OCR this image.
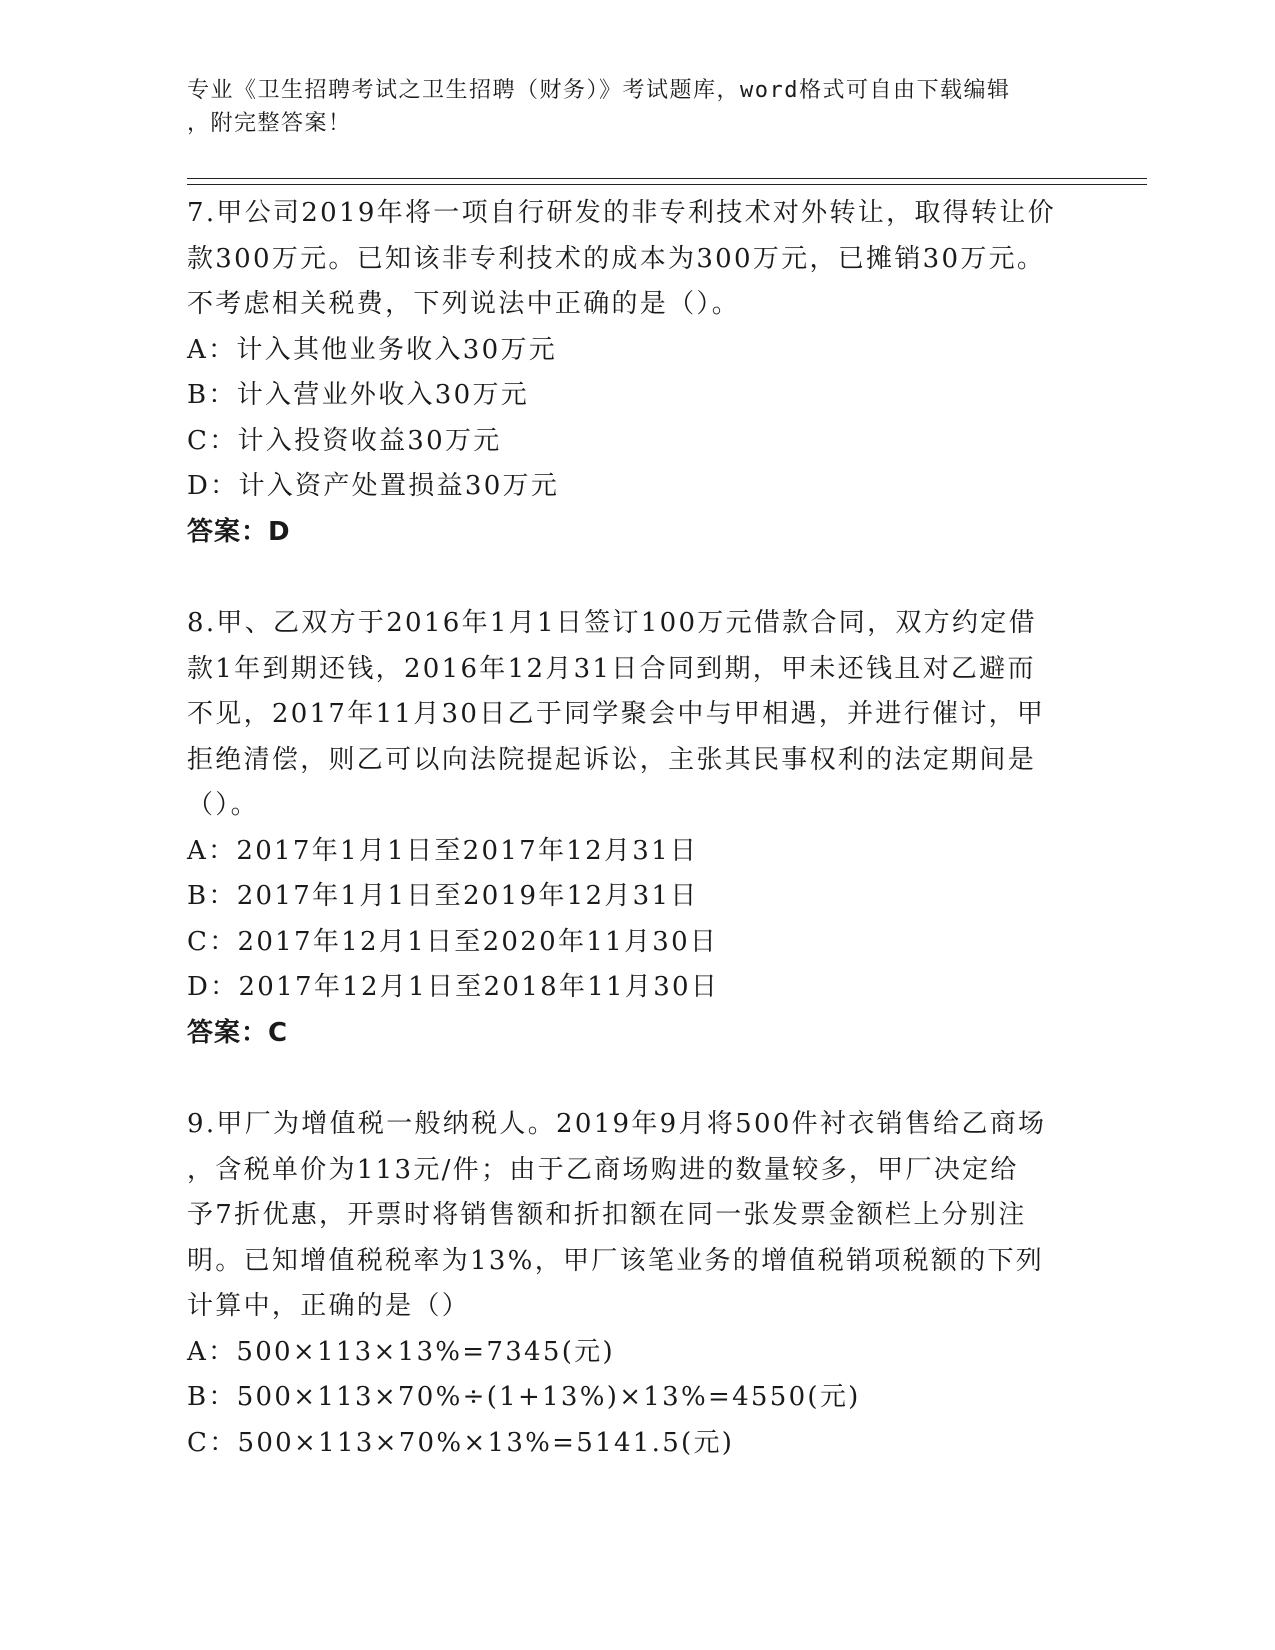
专业《卫生招聘考试之卫生招聘（财务）》考试题库，word格式可自由下载编辑
，附完整答案！
7.甲公司2019年将一项自行研发的非专利技术对外转让，取得转让价
款300万元。已知该非专利技术的成本为300万元，已摊销30万元。
不考虑相关税费，下列说法中正确的是（）。
A：计入其他业务收入30万元
B：计入营业外收入30万元
C：计入投资收益30万元
D：计入资产处置损益30万元
答案：D
8.甲、乙双方于2016年1月1日签订100万元借款合同，双方约定借
款1年到期还钱，2016年12月31日合同到期，甲未还钱且对乙避而
不见，2017年11月30日乙于同学聚会中与甲相遇，并进行催讨，甲
拒绝清偿，则乙可以向法院提起诉讼，主张其民事权利的法定期间是
（）。
A：2017年1月1日至2017年12月31日
B：2017年1月1日至2019年12月31日
C：2017年12月1日至2020年11月30日
D：2017年12月1日至2018年11月30日
答案：C
9.甲厂为增值税一般纳税人。2019年9月将500件衬衣销售给乙商场
，含税单价为113元/件；由于乙商场购进的数量较多，甲厂决定给
予7折优惠，开票时将销售额和折扣额在同一张发票金额栏上分别注
明。已知增值税税率为13%，甲厂该笔业务的增值税销项税额的下列
计算中，正确的是（）
A：500×113×13%=7345(元)
B：500×113×70%÷(1+13%)×13%=4550(元)
C：500×113×70%×13%=5141.5(元)
